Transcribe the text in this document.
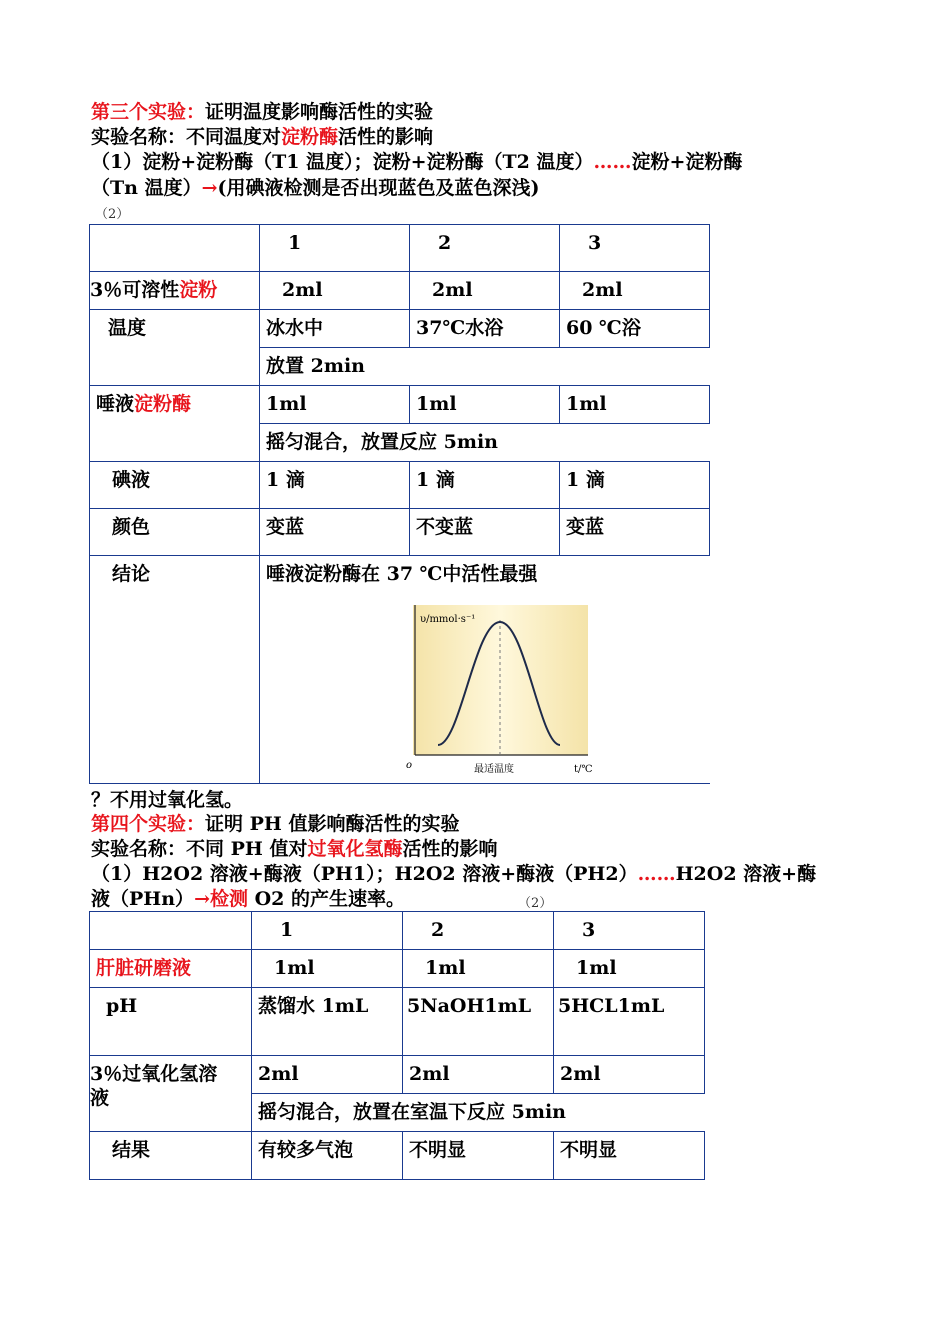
第三个实验：证明温度影响酶活性的实验
实验名称：不同温度对淀粉酶活性的影响
（1）淀粉+淀粉酶（T1 温度）；淀粉+淀粉酶（T2 温度）……淀粉+淀粉酶
（Tn 温度）→(用碘液检测是否出现蓝色及蓝色深浅)
（2）
	1	2	3
3％可溶性淀粉	2ml	2ml	2ml
温度	冰水中	37℃水浴	60 ℃浴
	放置 2min		
唾液淀粉酶	1ml	1ml	1ml
	摇匀混合，放置反应 5min		
碘液	1 滴	1 滴	1 滴
颜色	变蓝	不变蓝	变蓝
结论	唾液淀粉酶在 37 ℃中活性最强		
υ/mmol·s⁻¹
o	最适温度	t/℃
？不用过氧化氢。
第四个实验：证明 PH 值影响酶活性的实验
实验名称：不同 PH 值对过氧化氢酶活性的影响
（1）H2O2 溶液+酶液（PH1）；H2O2 溶液+酶液（PH2）……H2O2 溶液+酶
液（PHn）→检测 O2 的产生速率。	（2）
	1	2	3
肝脏研磨液	1ml	1ml	1ml
pH	蒸馏水 1mL	5NaOH1mL	5HCL1mL
3％过氧化氢溶
液	2ml	2ml	2ml
	摇匀混合，放置在室温下反应 5min		
结果	有较多气泡	不明显	不明显
